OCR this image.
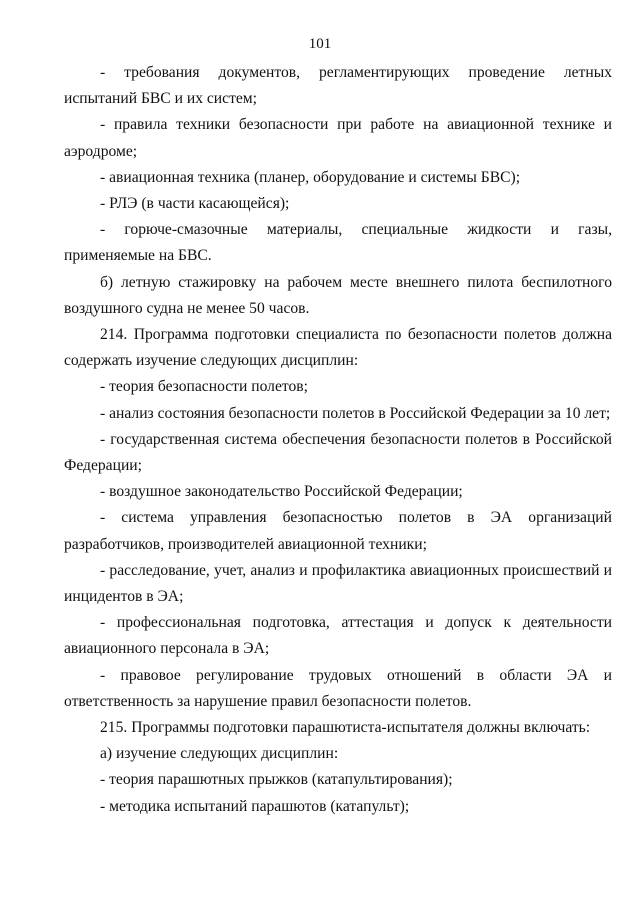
101

- требования документов, регламентирующих проведение летных испытаний БВС и их систем;

- правила техники безопасности при работе на авиационной технике и аэродроме;

- авиационная техника (планер, оборудование и системы БВС);

- РЛЭ (в части касающейся);

- горюче-смазочные материалы, специальные жидкости и газы, применяемые на БВС.

б) летную стажировку на рабочем месте внешнего пилота беспилотного воздушного судна не менее 50 часов.

214. Программа подготовки специалиста по безопасности полетов должна содержать изучение следующих дисциплин:

- теория безопасности полетов;

- анализ состояния безопасности полетов в Российской Федерации за 10 лет;

- государственная система обеспечения безопасности полетов в Российской Федерации;

- воздушное законодательство Российской Федерации;

- система управления безопасностью полетов в ЭА организаций разработчиков, производителей авиационной техники;

- расследование, учет, анализ и профилактика авиационных происшествий и инцидентов в ЭА;

- профессиональная подготовка, аттестация и допуск к деятельности авиационного персонала в ЭА;

- правовое регулирование трудовых отношений в области ЭА и ответственность за нарушение правил безопасности полетов.

215. Программы подготовки парашютиста-испытателя должны включать:

а) изучение следующих дисциплин:

- теория парашютных прыжков (катапультирования);

- методика испытаний парашютов (катапульт);
